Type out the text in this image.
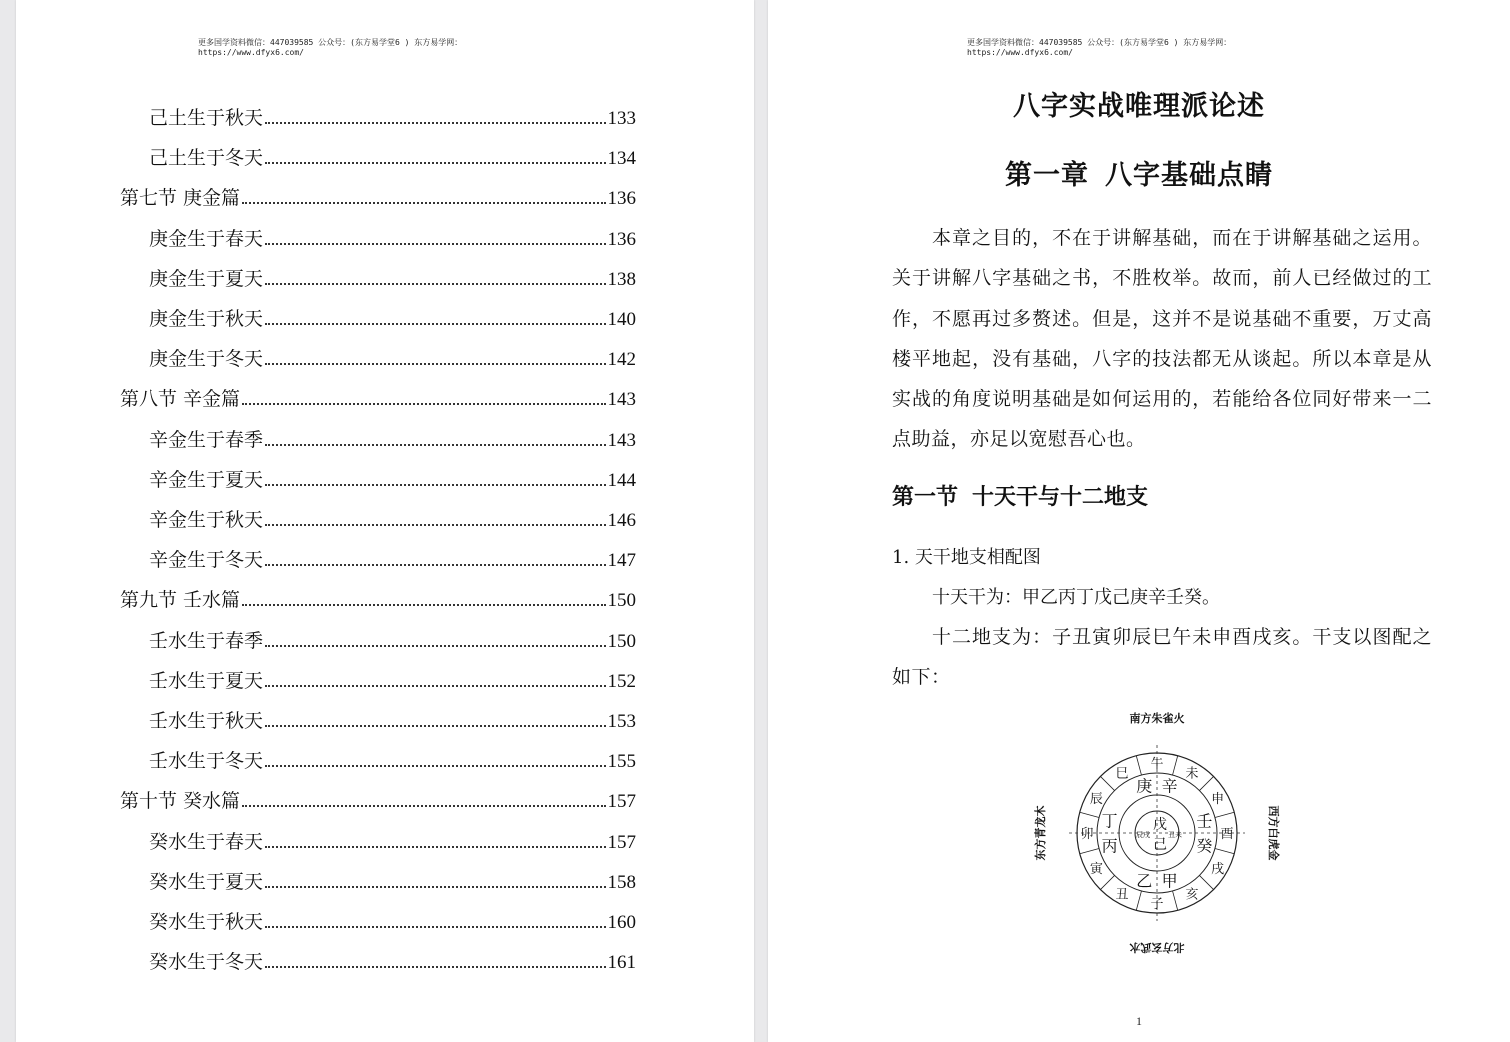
更多国学资料微信：447039585 公众号：(东方易学堂6 ) 东方易学网：
https://www.dfyx6.com/
己土生于秋天	133
己土生于冬天	134
第七节 庚金篇	136
庚金生于春天	136
庚金生于夏天	138
庚金生于秋天	140
庚金生于冬天	142
第八节 辛金篇	143
辛金生于春季	143
辛金生于夏天	144
辛金生于秋天	146
辛金生于冬天	147
第九节 壬水篇	150
壬水生于春季	150
壬水生于夏天	152
壬水生于秋天	153
壬水生于冬天	155
第十节 癸水篇	157
癸水生于春天	157
癸水生于夏天	158
癸水生于秋天	160
癸水生于冬天	161
更多国学资料微信：447039585 公众号：(东方易学堂6 ) 东方易学网：
https://www.dfyx6.com/
八字实战唯理派论述
第一章 八字基础点睛
本章之目的，不在于讲解基础，而在于讲解基础之运用。关于讲解八字基础之书，不胜枚举。故而，前人已经做过的工作，不愿再过多赘述。但是，这并不是说基础不重要，万丈高楼平地起，没有基础，八字的技法都无从谈起。所以本章是从实战的角度说明基础是如何运用的，若能给各位同好带来一二点助益，亦足以宽慰吾心也。
第一节 十天干与十二地支
1. 天干地支相配图
十天干为：甲乙丙丁戊己庚辛壬癸。
十二地支为：子丑寅卯辰巳午未申酉戌亥。干支以图配之如下：
午
未
申
酉
戌
亥
子
丑
寅
卯
辰
巳
丙
丁
庚 辛
壬
癸
甲
乙
戊
己
辰戌	丑未
南方朱雀火
北方玄武水
东方青龙木	西方白虎金
1
